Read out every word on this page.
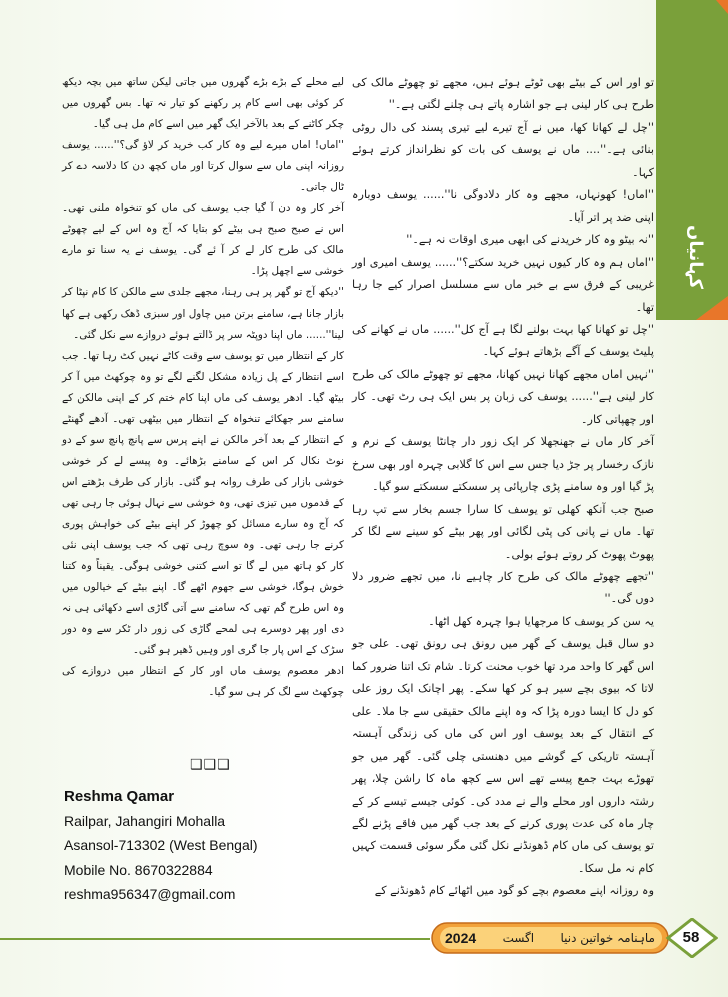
کہانیاں

تو اور اس کے بیٹے بھی ٹوٹے ہوئے ہیں، مجھے تو چھوٹے مالک کی طرح ہی کار لینی ہے جو اشارہ پاتے ہی چلنے لگتی ہے۔''

''چل لے کھانا کھا، میں نے آج تیرے لیے تیری پسند کی دال روٹی بنائی ہے۔''.... ماں نے یوسف کی بات کو نظرانداز کرتے ہوئے کہا۔

''اماں! کھونہاں، مجھے وہ کار دلادوگی نا''...... یوسف دوبارہ اپنی ضد پر اتر آیا۔

''نہ بیٹو وہ کار خریدنے کی ابھی میری اوقات نہ ہے۔''

''اماں ہم وہ کار کیوں نہیں خرید سکتے؟''...... یوسف امیری اور غریبی کے فرق سے بے خبر ماں سے مسلسل اصرار کیے جا رہا تھا۔

''چل تو کھانا کھا بہت بولنے لگا ہے آج کل''...... ماں نے کھانے کی پلیٹ یوسف کے آگے بڑھاتے ہوئے کہا۔

''نہیں اماں مجھے کھانا نہیں کھانا، مجھے تو چھوٹے مالک کی طرح کار لینی ہے''...... یوسف کی زبان پر بس ایک ہی رٹ تھی۔ کار اور چھپاتی کار۔

آخر کار ماں نے جھنجھلا کر ایک زور دار چانٹا یوسف کے نرم و نازک رخسار پر جڑ دیا جس سے اس کا گلابی چہرہ اور بھی سرخ پڑ گیا اور وہ سامنے پڑی چارپائی پر سسکتے سسکتے سو گیا۔

صبح جب آنکھ کھلی تو یوسف کا سارا جسم بخار سے تپ رہا تھا۔ ماں نے پانی کی پٹی لگائی اور پھر بیٹے کو سینے سے لگا کر پھوٹ پھوٹ کر روتے ہوئے بولی۔

''تجھے چھوٹے مالک کی طرح کار چاہیے نا، میں تجھے ضرور دلا دوں گی۔''

یہ سن کر یوسف کا مرجھایا ہوا چہرہ کھل اٹھا۔

دو سال قبل یوسف کے گھر میں رونق ہی رونق تھی۔ علی جو اس گھر کا واحد مرد تھا خوب محنت کرتا۔ شام تک اتنا ضرور کما لاتا کہ بیوی بچے سیر ہو کر کھا سکے۔ پھر اچانک ایک روز علی کو دل کا ایسا دورہ پڑا کہ وہ اپنے مالک حقیقی سے جا ملا۔ علی کے انتقال کے بعد یوسف اور اس کی ماں کی زندگی آہستہ آہستہ تاریکی کے گوشے میں دھنستی چلی گئی۔ گھر میں جو تھوڑے بہت جمع پیسے تھے اس سے کچھ ماہ کا راشن چلا، پھر رشتہ داروں اور محلے والے نے مدد کی۔ کوئی جیسے تیسے کر کے چار ماہ کی عدت پوری کرنے کے بعد جب گھر میں فاقے پڑنے لگے تو یوسف کی ماں کام ڈھونڈنے نکل گئی مگر سوئی قسمت کہیں کام نہ مل سکا۔

وہ روزانہ اپنے معصوم بچے کو گود میں اٹھائے کام ڈھونڈنے کے

لیے محلے کے بڑے بڑے گھروں میں جاتی لیکن ساتھ میں بچہ دیکھ کر کوئی بھی اسے کام پر رکھنے کو تیار نہ تھا۔ بس گھروں میں چکر کاٹنے کے بعد بالآخر ایک گھر میں اسے کام مل ہی گیا۔

''اماں! اماں میرے لیے وہ کار کب خرید کر لاؤ گی؟''...... یوسف روزانہ اپنی ماں سے سوال کرتا اور ماں کچھ دن کا دلاسہ دے کر ٹال جاتی۔

آخر کار وہ دن آ گیا جب یوسف کی ماں کو تنخواہ ملنی تھی۔ اس نے صبح صبح ہی بیٹے کو بتایا کہ آج وہ اس کے لیے چھوٹے مالک کی طرح کار لے کر آ ئے گی۔ یوسف نے یہ سنا تو مارے خوشی سے اچھل پڑا۔

''دیکھ آج تو گھر پر ہی رہنا، مجھے جلدی سے مالکن کا کام نپٹا کر بازار جانا ہے، سامنے برتن میں چاول اور سبزی ڈھک رکھی ہے کھا لینا''...... ماں اپنا دوپٹہ سر پر ڈالتے ہوئے دروازے سے نکل گئی۔

کار کے انتظار میں تو یوسف سے وقت کاٹے نہیں کٹ رہا تھا۔ جب اسے انتظار کے پل زیادہ مشکل لگنے لگے تو وہ چوکھٹ میں آ کر بیٹھ گیا۔ ادھر یوسف کی ماں اپنا کام ختم کر کے اپنی مالکن کے سامنے سر جھکائے تنخواہ کے انتظار میں بیٹھی تھی۔ آدھے گھنٹے کے انتظار کے بعد آخر مالکن نے اپنے پرس سے پانچ پانچ سو کے دو نوٹ نکال کر اس کے سامنے بڑھائے۔ وہ پیسے لے کر خوشی خوشی بازار کی طرف روانہ ہو گئی۔ بازار کی طرف بڑھتے اس کے قدموں میں تیزی تھی، وہ خوشی سے نہال ہوئی جا رہی تھی کہ آج وہ سارے مسائل کو چھوڑ کر اپنے بیٹے کی خواہش پوری کرنے جا رہی تھی۔ وہ سوچ رہی تھی کہ جب یوسف اپنی نئی کار کو ہاتھ میں لے گا تو اسے کتنی خوشی ہوگی۔ یقیناً وہ کتنا خوش ہوگا، خوشی سے جھوم اٹھے گا۔ اپنے بیٹے کے خیالوں میں وہ اس طرح گم تھی کہ سامنے سے آتی گاڑی اسے دکھائی ہی نہ دی اور پھر دوسرے ہی لمحے گاڑی کی زور دار ٹکر سے وہ دور سڑک کے اس پار جا گری اور وہیں ڈھیر ہو گئی۔

ادھر معصوم یوسف ماں اور کار کے انتظار میں دروازے کی چوکھٹ سے لگ کر ہی سو گیا۔

❑❑❑
Reshma Qamar
Railpar, Jahangiri Mohalla
Asansol-713302 (West Bengal)
Mobile No. 8670322884
reshma956347@gmail.com
ماہنامہ خواتین دنیا
اگست
2024	58
